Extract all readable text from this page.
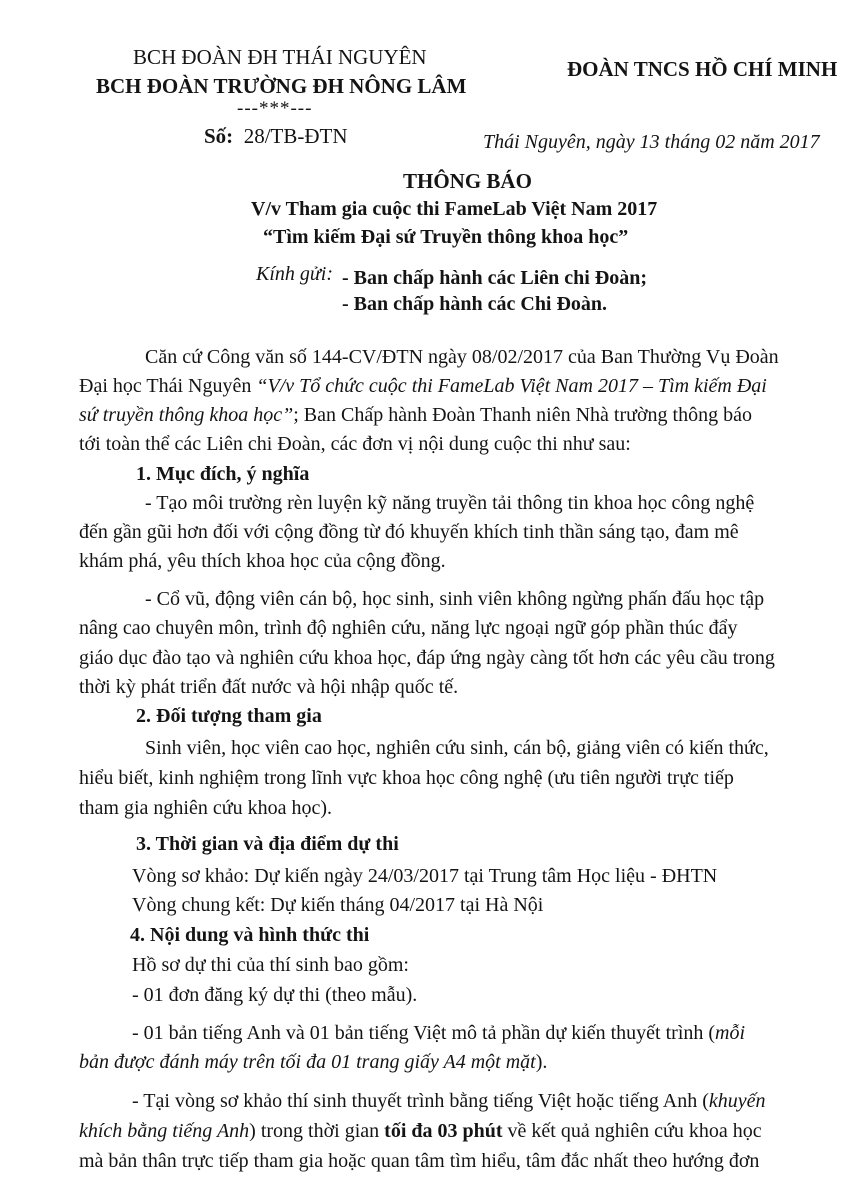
BCH ĐOÀN ĐH THÁI NGUYÊN
BCH ĐOÀN TRƯỜNG ĐH NÔNG LÂM
---***---
ĐOÀN TNCS HỒ CHÍ MINH
Số: 28/TB-ĐTN	Thái Nguyên, ngày 13 tháng 02 năm 2017
THÔNG BÁO
V/v Tham gia cuộc thi FameLab Việt Nam 2017
“Tìm kiếm Đại sứ Truyền thông khoa học”
Kính gửi: - Ban chấp hành các Liên chi Đoàn;
- Ban chấp hành các Chi Đoàn.
Căn cứ Công văn số 144-CV/ĐTN ngày 08/02/2017 của Ban Thường Vụ Đoàn
Đại học Thái Nguyên “V/v Tổ chức cuộc thi FameLab Việt Nam 2017 – Tìm kiếm Đại
sứ truyền thông khoa học”; Ban Chấp hành Đoàn Thanh niên Nhà trường thông báo
tới toàn thể các Liên chi Đoàn, các đơn vị nội dung cuộc thi như sau:
1. Mục đích, ý nghĩa
- Tạo môi trường rèn luyện kỹ năng truyền tải thông tin khoa học công nghệ
đến gần gũi hơn đối với cộng đồng từ đó khuyến khích tinh thần sáng tạo, đam mê
khám phá, yêu thích khoa học của cộng đồng.
- Cổ vũ, động viên cán bộ, học sinh, sinh viên không ngừng phấn đấu học tập
nâng cao chuyên môn, trình độ nghiên cứu, năng lực ngoại ngữ góp phần thúc đẩy
giáo dục đào tạo và nghiên cứu khoa học, đáp ứng ngày càng tốt hơn các yêu cầu trong
thời kỳ phát triển đất nước và hội nhập quốc tế.
2. Đối tượng tham gia
Sinh viên, học viên cao học, nghiên cứu sinh, cán bộ, giảng viên có kiến thức,
hiểu biết, kinh nghiệm trong lĩnh vực khoa học công nghệ (ưu tiên người trực tiếp
tham gia nghiên cứu khoa học).
3. Thời gian và địa điểm dự thi
Vòng sơ khảo: Dự kiến ngày 24/03/2017 tại Trung tâm Học liệu - ĐHTN
Vòng chung kết: Dự kiến tháng 04/2017 tại Hà Nội
4. Nội dung và hình thức thi
Hồ sơ dự thi của thí sinh bao gồm:
- 01 đơn đăng ký dự thi (theo mẫu).
- 01 bản tiếng Anh và 01 bản tiếng Việt mô tả phần dự kiến thuyết trình (mỗi
bản được đánh máy trên tối đa 01 trang giấy A4 một mặt).
- Tại vòng sơ khảo thí sinh thuyết trình bằng tiếng Việt hoặc tiếng Anh (khuyến
khích bằng tiếng Anh) trong thời gian tối đa 03 phút về kết quả nghiên cứu khoa học
mà bản thân trực tiếp tham gia hoặc quan tâm tìm hiểu, tâm đắc nhất theo hướng đơn
